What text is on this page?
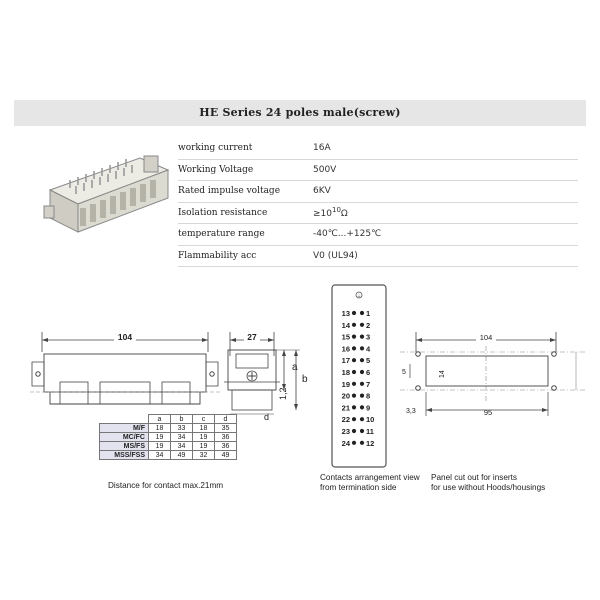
HE Series 24 poles male(screw)
working current	16A
Working Voltage	500V
Rated impulse voltage	6KV
Isolation resistance	$\ge 10^{10}\Omega$
temperature range	-40℃...+125℃
Flammability acc	V0 (UL94)
104	27
a
b
1,2
d
	a	b	c	d
M/F	18	33	18	35
MC/FC	19	34	19	36
MS/FS	19	34	19	36
MSS/FSS	34	49	32	49
Distance for contact max.21mm
⏚
13 1
14 2
15 3
16 4
17 5
18 6
19 7
20 8
21 9
22 10
23 11
24 12
Contacts arrangement view
from termination side
104
5	14
95
3,3
Panel cut out for inserts
for use without Hoods/housings
